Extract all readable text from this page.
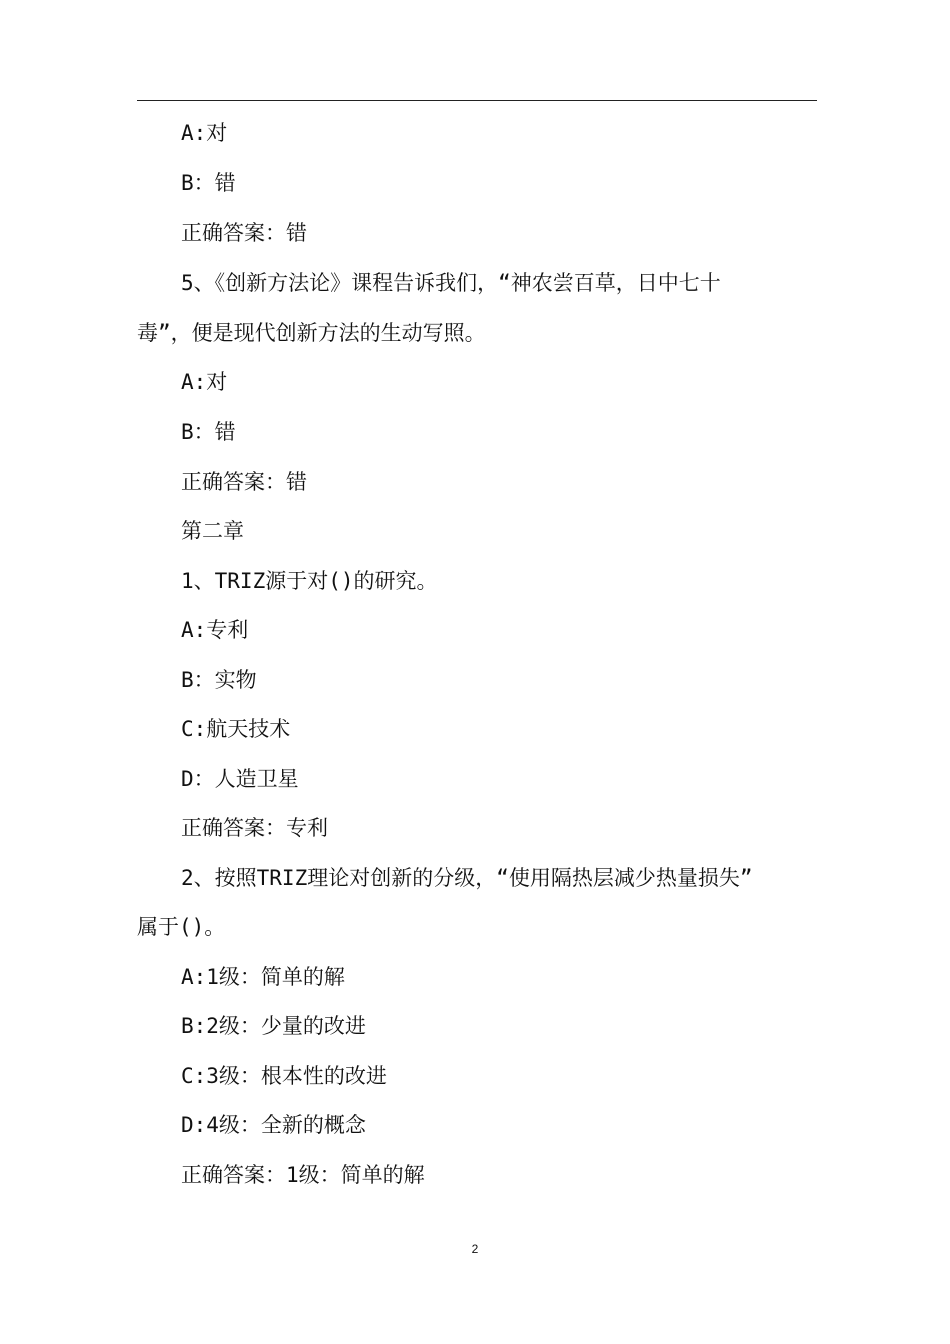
A:对
B：错
正确答案：错
5、《创新方法论》课程告诉我们，“神农尝百草，日中七十
毒”，便是现代创新方法的生动写照。
A:对
B：错
正确答案：错
第二章
1、TRIZ源于对()的研究。
A:专利
B：实物
C:航天技术
D：人造卫星
正确答案：专利
2、按照TRIZ理论对创新的分级，“使用隔热层减少热量损失”
属于()。
A:1级：简单的解
B:2级：少量的改进
C:3级：根本性的改进
D:4级：全新的概念
正确答案：1级：简单的解
2
